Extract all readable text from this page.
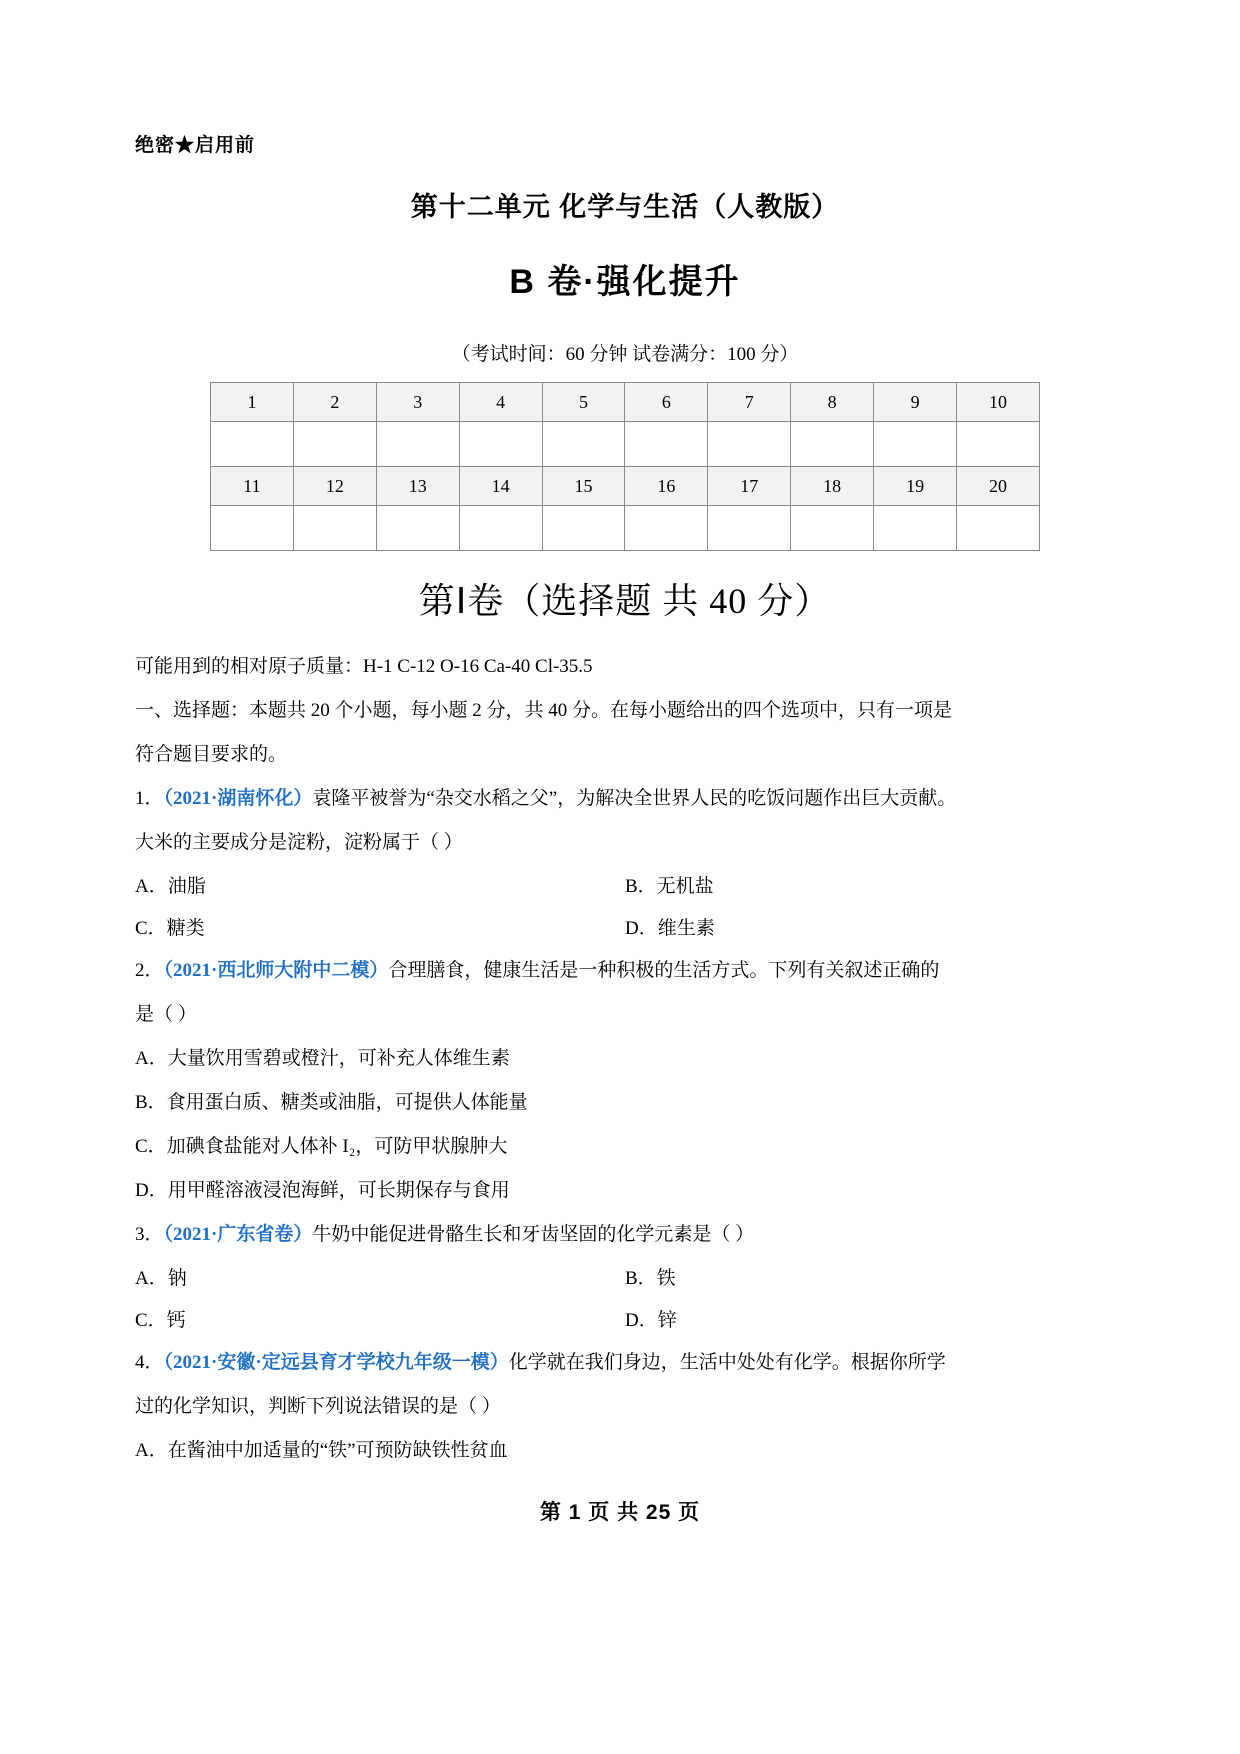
绝密★启用前
第十二单元 化学与生活（人教版）
B 卷·强化提升
（考试时间：60 分钟 试卷满分：100 分）
1	2	3	4	5	6	7	8	9	10

11	12	13	14	15	16	17	18	19	20

第Ⅰ卷（选择题 共 40 分）
可能用到的相对原子质量：H-1 C-12 O-16 Ca-40 Cl-35.5
一、选择题：本题共 20 个小题，每小题 2 分，共 40 分。在每小题给出的四个选项中，只有一项是
符合题目要求的。
1．（2021·湖南怀化）袁隆平被誉为“杂交水稻之父”，为解决全世界人民的吃饭问题作出巨大贡献。
大米的主要成分是淀粉，淀粉属于（ ）
A．油脂	B．无机盐
C．糖类	D．维生素
2．（2021·西北师大附中二模）合理膳食，健康生活是一种积极的生活方式。下列有关叙述正确的
是（ ）
A．大量饮用雪碧或橙汁，可补充人体维生素
B．食用蛋白质、糖类或油脂，可提供人体能量
C．加碘食盐能对人体补 I₂，可防甲状腺肿大
D．用甲醛溶液浸泡海鲜，可长期保存与食用
3．（2021·广东省卷）牛奶中能促进骨骼生长和牙齿坚固的化学元素是（ ）
A．钠	B．铁
C．钙	D．锌
4．（2021·安徽·定远县育才学校九年级一模）化学就在我们身边，生活中处处有化学。根据你所学
过的化学知识，判断下列说法错误的是（ ）
A．在酱油中加适量的“铁”可预防缺铁性贫血
第 1 页 共 25 页
